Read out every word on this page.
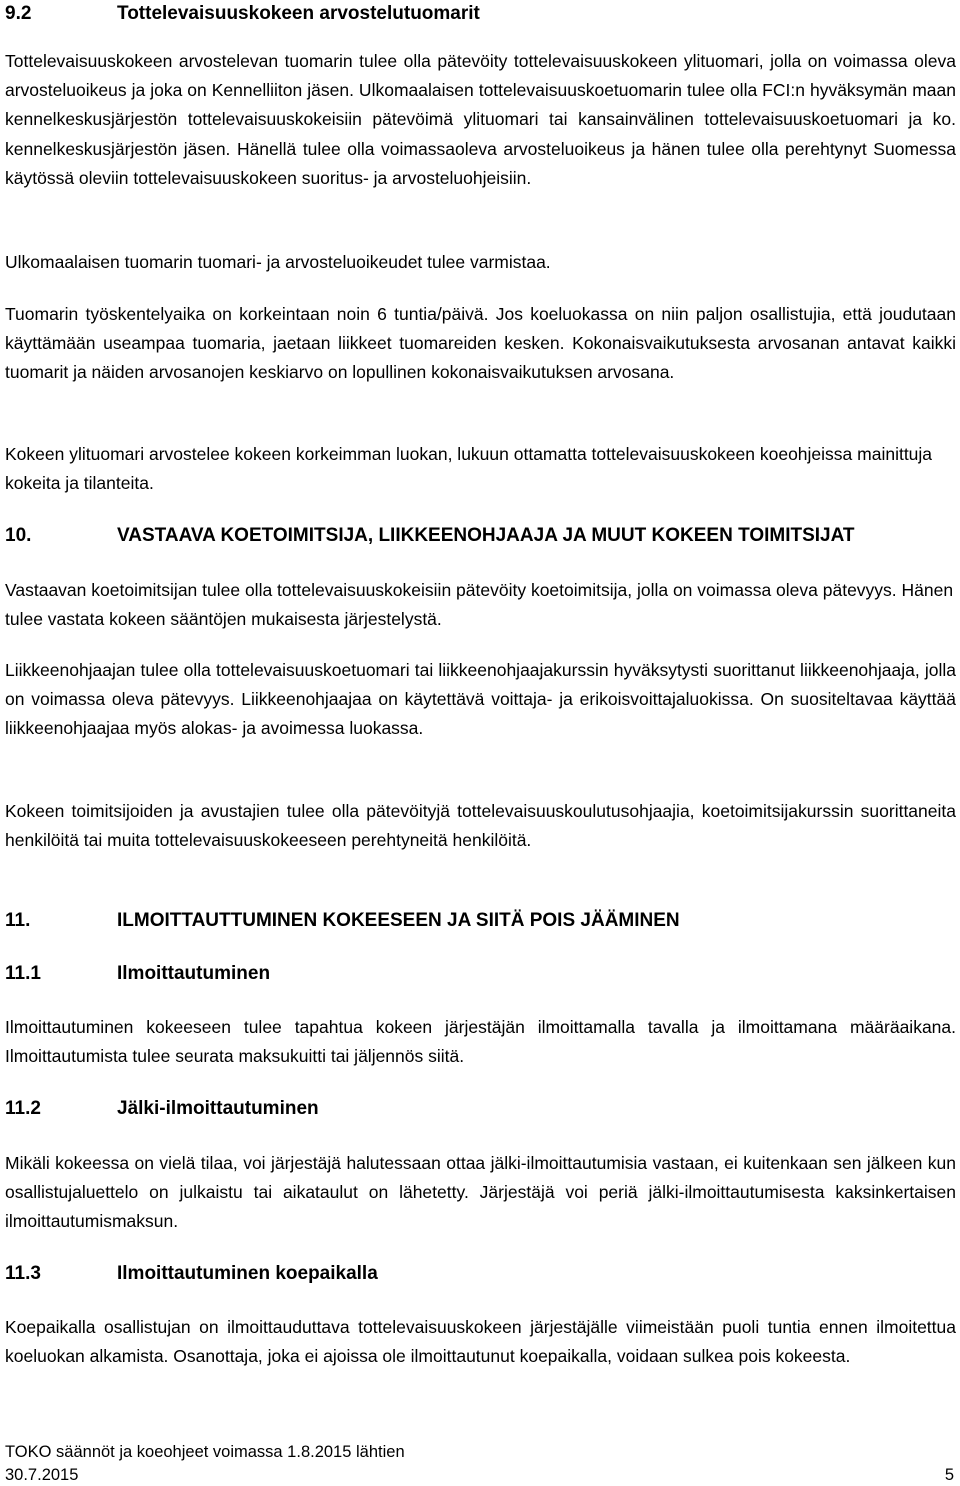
9.2	Tottelevaisuuskokeen arvostelutuomarit
Tottelevaisuuskokeen arvostelevan tuomarin tulee olla pätevöity tottelevaisuuskokeen ylituomari, jolla on voimassa oleva arvosteluoikeus ja joka on Kennelliiton jäsen. Ulkomaalaisen tottelevaisuuskoetuomarin tulee olla FCI:n hyväksymän maan kennelkeskusjärjestön tottelevaisuuskokeisiin pätevöimä ylituomari tai kansainvälinen tottelevaisuuskoetuomari ja ko. kennelkeskusjärjestön jäsen. Hänellä tulee olla voimassaoleva arvosteluoikeus ja hänen tulee olla perehtynyt Suomessa käytössä oleviin tottelevaisuuskokeen suoritus- ja arvosteluohjeisiin.
Ulkomaalaisen tuomarin tuomari- ja arvosteluoikeudet tulee varmistaa.
Tuomarin työskentelyaika on korkeintaan noin 6 tuntia/päivä. Jos koeluokassa on niin paljon osallistujia, että joudutaan käyttämään useampaa tuomaria, jaetaan liikkeet tuomareiden kesken. Kokonaisvaikutuksesta arvosanan antavat kaikki tuomarit ja näiden arvosanojen keskiarvo on lopullinen kokonaisvaikutuksen arvosana.
Kokeen ylituomari arvostelee kokeen korkeimman luokan, lukuun ottamatta tottelevaisuuskokeen koeohjeissa mainittuja kokeita ja tilanteita.
10.	VASTAAVA KOETOIMITSIJA, LIIKKEENOHJAAJA JA MUUT KOKEEN TOIMITSIJAT
Vastaavan koetoimitsijan tulee olla tottelevaisuuskokeisiin pätevöity koetoimitsija, jolla on voimassa oleva pätevyys. Hänen tulee vastata kokeen sääntöjen mukaisesta järjestelystä.
Liikkeenohjaajan tulee olla tottelevaisuuskoetuomari tai liikkeenohjaajakurssin hyväksytysti suorittanut liikkeenohjaaja, jolla on voimassa oleva pätevyys. Liikkeenohjaajaa on käytettävä voittaja- ja erikoisvoittajaluokissa. On suositeltavaa käyttää liikkeenohjaajaa myös alokas- ja avoimessa luokassa.
Kokeen toimitsijoiden ja avustajien tulee olla pätevöityjä tottelevaisuuskoulutusohjaajia, koetoimitsijakurssin suorittaneita henkilöitä tai muita tottelevaisuuskokeeseen perehtyneitä henkilöitä.
11.	ILMOITTAUTTUMINEN KOKEESEEN JA SIITÄ POIS JÄÄMINEN
11.1	Ilmoittautuminen
Ilmoittautuminen kokeeseen tulee tapahtua kokeen järjestäjän ilmoittamalla tavalla ja ilmoittamana määräaikana. Ilmoittautumista tulee seurata maksukuitti tai jäljennös siitä.
11.2	Jälki-ilmoittautuminen
Mikäli kokeessa on vielä tilaa, voi järjestäjä halutessaan ottaa jälki-ilmoittautumisia vastaan, ei kuitenkaan sen jälkeen kun osallistujaluettelo on julkaistu tai aikataulut on lähetetty. Järjestäjä voi periä jälki-ilmoittautumisesta kaksinkertaisen ilmoittautumismaksun.
11.3	Ilmoittautuminen koepaikalla
Koepaikalla osallistujan on ilmoittauduttava tottelevaisuuskokeen järjestäjälle viimeistään puoli tuntia ennen ilmoitettua koeluokan alkamista. Osanottaja, joka ei ajoissa ole ilmoittautunut koepaikalla, voidaan sulkea pois kokeesta.
TOKO säännöt ja koeohjeet voimassa 1.8.2015 lähtien
30.7.2015	5
